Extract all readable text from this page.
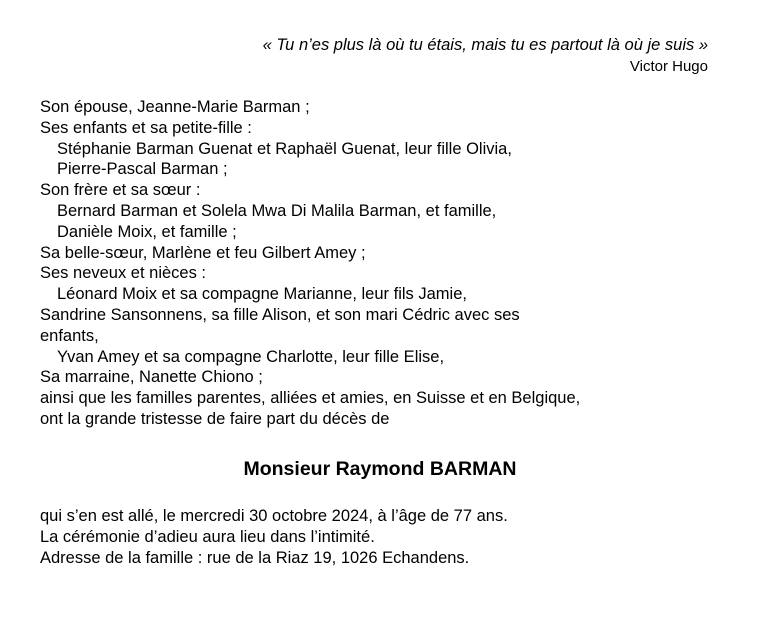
« Tu n’es plus là où tu étais, mais tu es partout là où je suis »
Victor Hugo
Son épouse, Jeanne-Marie Barman ;
Ses enfants et sa petite-fille :
Stéphanie Barman Guenat et Raphaël Guenat, leur fille Olivia,
Pierre-Pascal Barman ;
Son frère et sa sœur :
Bernard Barman et Solela Mwa Di Malila Barman, et famille,
Danièle Moix, et famille ;
Sa belle-sœur, Marlène et feu Gilbert Amey ;
Ses neveux et nièces :
Léonard Moix et sa compagne Marianne, leur fils Jamie,
Sandrine Sansonnens, sa fille Alison, et son mari Cédric avec ses
enfants,
Yvan Amey et sa compagne Charlotte, leur fille Elise,
Sa marraine, Nanette Chiono ;
ainsi que les familles parentes, alliées et amies, en Suisse et en Belgique,
ont la grande tristesse de faire part du décès de
Monsieur Raymond BARMAN
qui s’en est allé, le mercredi 30 octobre 2024, à l’âge de 77 ans.
La cérémonie d’adieu aura lieu dans l’intimité.
Adresse de la famille : rue de la Riaz 19, 1026 Echandens.
